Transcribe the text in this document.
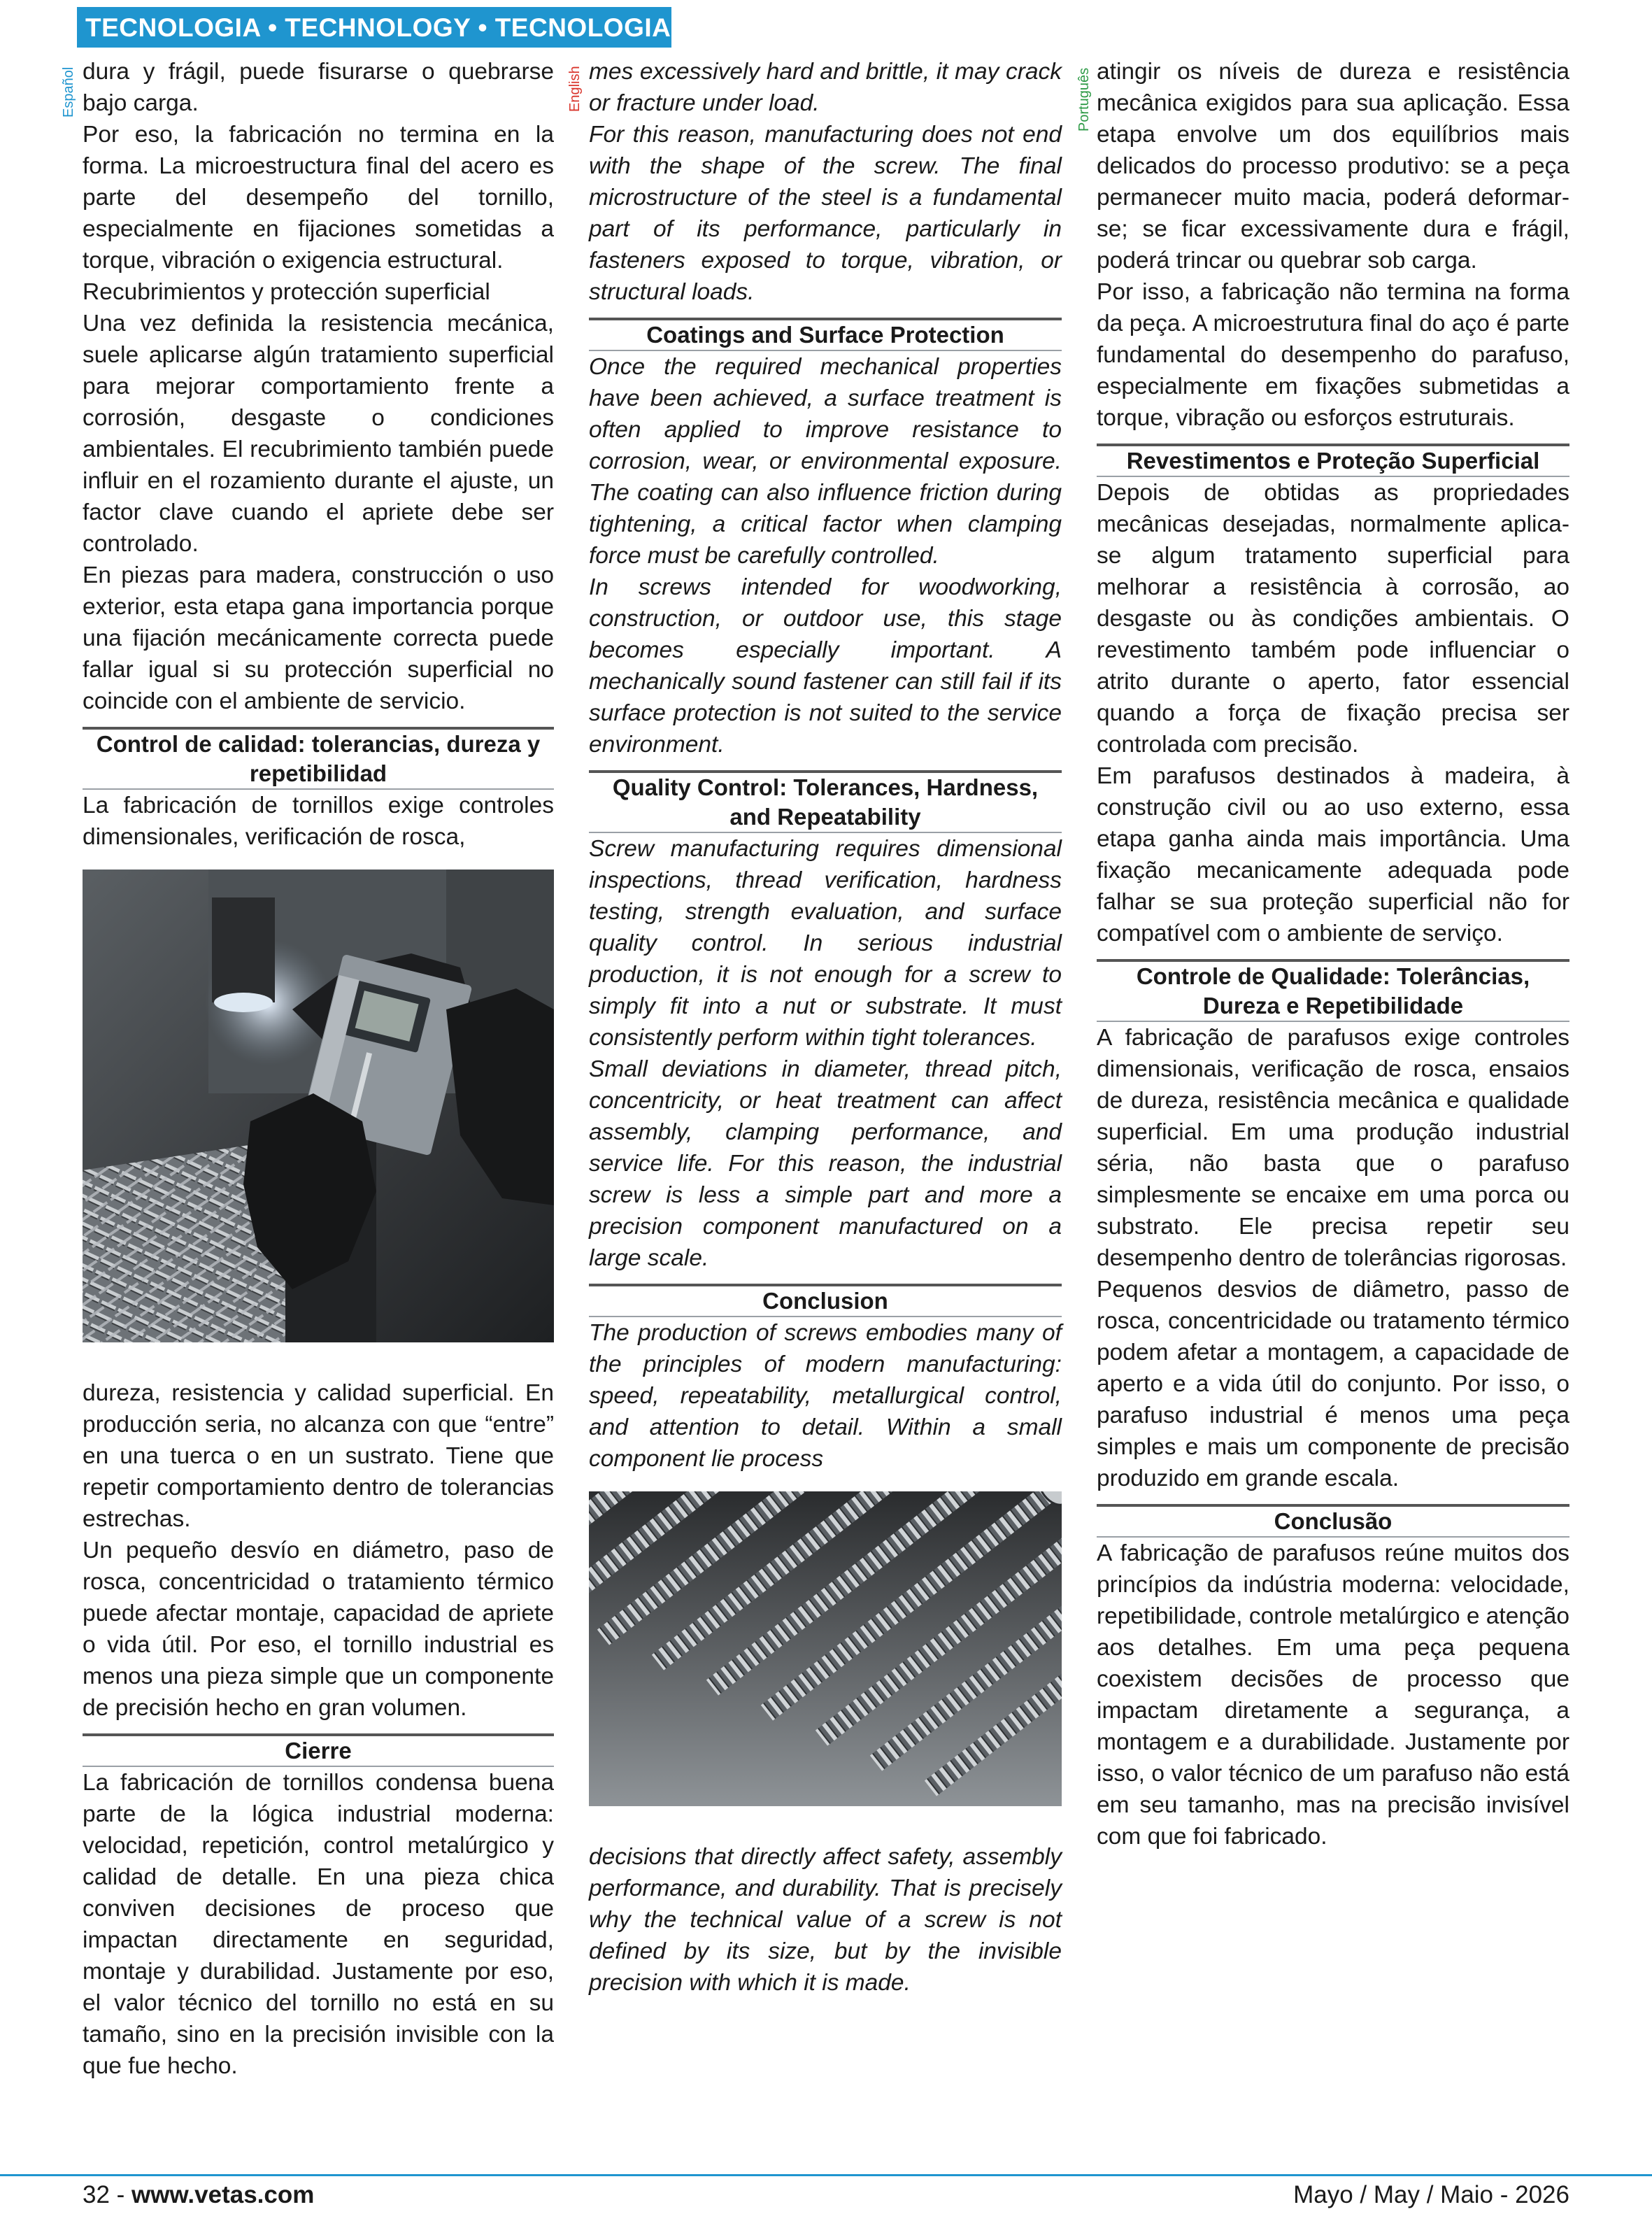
TECNOLOGIA • TECHNOLOGY • TECNOLOGIA
Español	English	Português

dura y frágil, puede fisurarse o quebrarse bajo carga.

Por eso, la fabricación no termina en la forma. La microestructura final del acero es parte del desempeño del tornillo, especialmente en fijaciones sometidas a torque, vibración o exigencia estructural.

Recubrimientos y protección superficial

Una vez definida la resistencia mecánica, suele aplicarse algún tratamiento superficial para mejorar comportamiento frente a corrosión, desgaste o condiciones ambientales. El recubrimiento también puede influir en el rozamiento durante el ajuste, un factor clave cuando el apriete debe ser controlado.

En piezas para madera, construcción o uso exterior, esta etapa gana importancia porque una fijación mecánicamente correcta puede fallar igual si su protección superficial no coincide con el ambiente de servicio.

Control de calidad: tolerancias, dureza y repetibilidad

La fabricación de tornillos exige controles dimensionales, verificación de rosca,

dureza, resistencia y calidad superficial. En producción seria, no alcanza con que “entre” en una tuerca o en un sustrato. Tiene que repetir comportamiento dentro de tolerancias estrechas.

Un pequeño desvío en diámetro, paso de rosca, concentricidad o tratamiento térmico puede afectar montaje, capacidad de apriete o vida útil. Por eso, el tornillo industrial es menos una pieza simple que un componente de precisión hecho en gran volumen.

Cierre

La fabricación de tornillos condensa buena parte de la lógica industrial moderna: velocidad, repetición, control metalúrgico y calidad de detalle. En una pieza chica conviven decisiones de proceso que impactan directamente en seguridad, montaje y durabilidad. Justamente por eso, el valor técnico del tornillo no está en su tamaño, sino en la precisión invisible con la que fue hecho.

mes excessively hard and brittle, it may crack or fracture under load.

For this reason, manufacturing does not end with the shape of the screw. The final microstructure of the steel is a fundamental part of its performance, particularly in fasteners exposed to torque, vibration, or structural loads.

Coatings and Surface Protection

Once the required mechanical properties have been achieved, a surface treatment is often applied to improve resistance to corrosion, wear, or environmental exposure. The coating can also influence friction during tightening, a critical factor when clamping force must be carefully controlled.

In screws intended for woodworking, construction, or outdoor use, this stage becomes especially important. A mechanically sound fastener can still fail if its surface protection is not suited to the service environment.

Quality Control: Tolerances, Hardness, and Repeatability

Screw manufacturing requires dimensional inspections, thread verification, hardness testing, strength evaluation, and surface quality control. In serious industrial production, it is not enough for a screw to simply fit into a nut or substrate. It must consistently perform within tight tolerances.

Small deviations in diameter, thread pitch, concentricity, or heat treatment can affect assembly, clamping performance, and service life. For this reason, the industrial screw is less a simple part and more a precision component manufactured on a large scale.

Conclusion

The production of screws embodies many of the principles of modern manufacturing: speed, repeatability, metallurgical control, and attention to detail. Within a small component lie process

decisions that directly affect safety, assembly performance, and durability. That is precisely why the technical value of a screw is not defined by its size, but by the invisible precision with which it is made.

atingir os níveis de dureza e resistência mecânica exigidos para sua aplicação. Essa etapa envolve um dos equilíbrios mais delicados do processo produtivo: se a peça permanecer muito macia, poderá deformar-se; se ficar excessivamente dura e frágil, poderá trincar ou quebrar sob carga.

Por isso, a fabricação não termina na forma da peça. A microestrutura final do aço é parte fundamental do desempenho do parafuso, especialmente em fixações submetidas a torque, vibração ou esforços estruturais.

Revestimentos e Proteção Superficial

Depois de obtidas as propriedades mecânicas desejadas, normalmente aplica-se algum tratamento superficial para melhorar a resistência à corrosão, ao desgaste ou às condições ambientais. O revestimento também pode influenciar o atrito durante o aperto, fator essencial quando a força de fixação precisa ser controlada com precisão.

Em parafusos destinados à madeira, à construção civil ou ao uso externo, essa etapa ganha ainda mais importância. Uma fixação mecanicamente adequada pode falhar se sua proteção superficial não for compatível com o ambiente de serviço.

Controle de Qualidade: Tolerâncias, Dureza e Repetibilidade

A fabricação de parafusos exige controles dimensionais, verificação de rosca, ensaios de dureza, resistência mecânica e qualidade superficial. Em uma produção industrial séria, não basta que o parafuso simplesmente se encaixe em uma porca ou substrato. Ele precisa repetir seu desempenho dentro de tolerâncias rigorosas.

Pequenos desvios de diâmetro, passo de rosca, concentricidade ou tratamento térmico podem afetar a montagem, a capacidade de aperto e a vida útil do conjunto. Por isso, o parafuso industrial é menos uma peça simples e mais um componente de precisão produzido em grande escala.

Conclusão

A fabricação de parafusos reúne muitos dos princípios da indústria moderna: velocidade, repetibilidade, controle metalúrgico e atenção aos detalhes. Em uma peça pequena coexistem decisões de processo que impactam diretamente a segurança, a montagem e a durabilidade. Justamente por isso, o valor técnico de um parafuso não está em seu tamanho, mas na precisão invisível com que foi fabricado.

32 - www.vetas.com	Mayo / May / Maio - 2026
